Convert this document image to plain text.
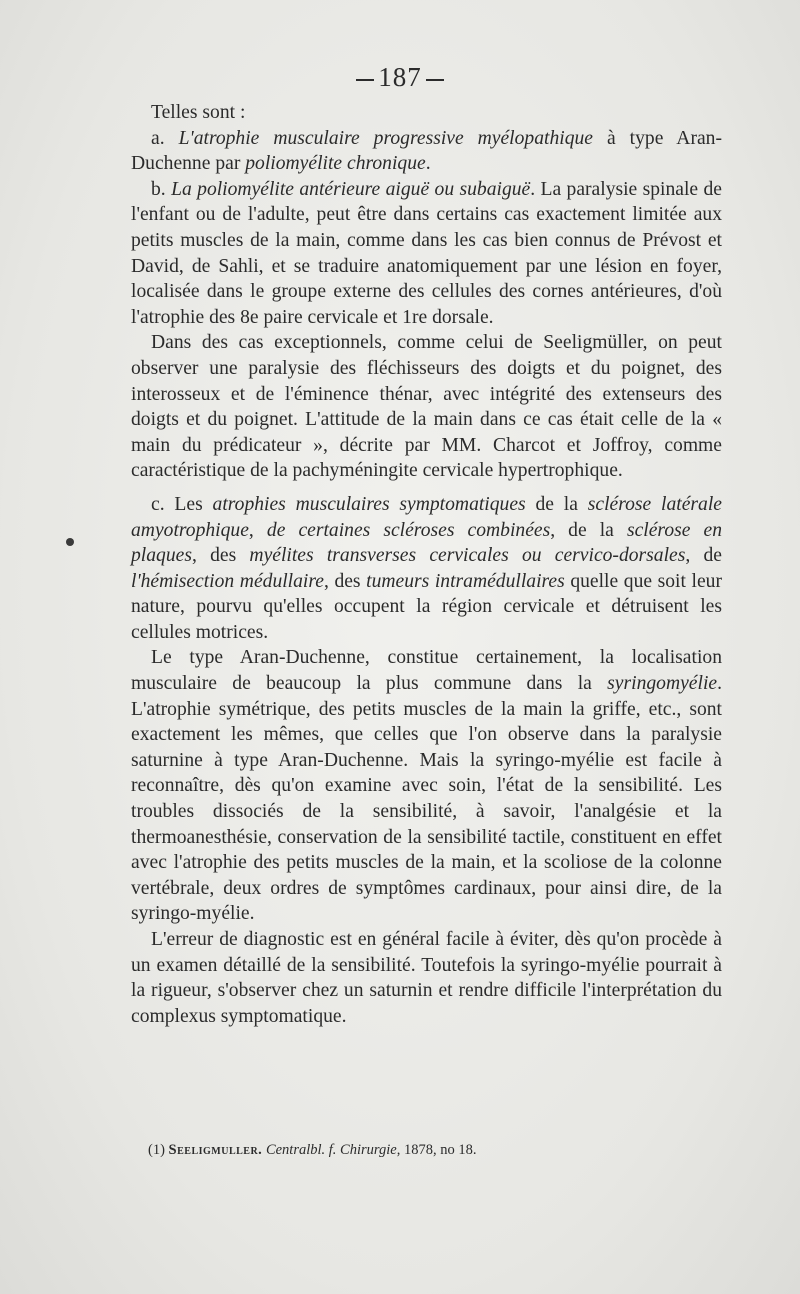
187

Telles sont :

a. L'atrophie musculaire progressive myélopathique à type Aran-Duchenne par poliomyélite chronique.

b. La poliomyélite antérieure aiguë ou subaiguë. La paralysie spinale de l'enfant ou de l'adulte, peut être dans certains cas exactement limitée aux petits muscles de la main, comme dans les cas bien connus de Prévost et David, de Sahli, et se traduire anatomiquement par une lésion en foyer, localisée dans le groupe externe des cellules des cornes antérieures, d'où l'atrophie des 8e paire cervicale et 1re dorsale.

Dans des cas exceptionnels, comme celui de Seeligmüller, on peut observer une paralysie des fléchisseurs des doigts et du poignet, des interosseux et de l'éminence thénar, avec intégrité des extenseurs des doigts et du poignet. L'attitude de la main dans ce cas était celle de la « main du prédicateur », décrite par MM. Charcot et Joffroy, comme caractéristique de la pachyméningite cervicale hypertrophique.

c. Les atrophies musculaires symptomatiques de la sclérose latérale amyotrophique, de certaines scléroses combinées, de la sclérose en plaques, des myélites transverses cervicales ou cervico-dorsales, de l'hémisection médullaire, des tumeurs intramédullaires quelle que soit leur nature, pourvu qu'elles occupent la région cervicale et détruisent les cellules motrices.

Le type Aran-Duchenne, constitue certainement, la localisation musculaire de beaucoup la plus commune dans la syringomyélie. L'atrophie symétrique, des petits muscles de la main la griffe, etc., sont exactement les mêmes, que celles que l'on observe dans la paralysie saturnine à type Aran-Duchenne. Mais la syringo-myélie est facile à reconnaître, dès qu'on examine avec soin, l'état de la sensibilité. Les troubles dissociés de la sensibilité, à savoir, l'analgésie et la thermoanesthésie, conservation de la sensibilité tactile, constituent en effet avec l'atrophie des petits muscles de la main, et la scoliose de la colonne vertébrale, deux ordres de symptômes cardinaux, pour ainsi dire, de la syringo-myélie.

L'erreur de diagnostic est en général facile à éviter, dès qu'on procède à un examen détaillé de la sensibilité. Toutefois la syringo-myélie pourrait à la rigueur, s'observer chez un saturnin et rendre difficile l'interprétation du complexus symptomatique.

(1) Seeligmuller. Centralbl. f. Chirurgie, 1878, no 18.
